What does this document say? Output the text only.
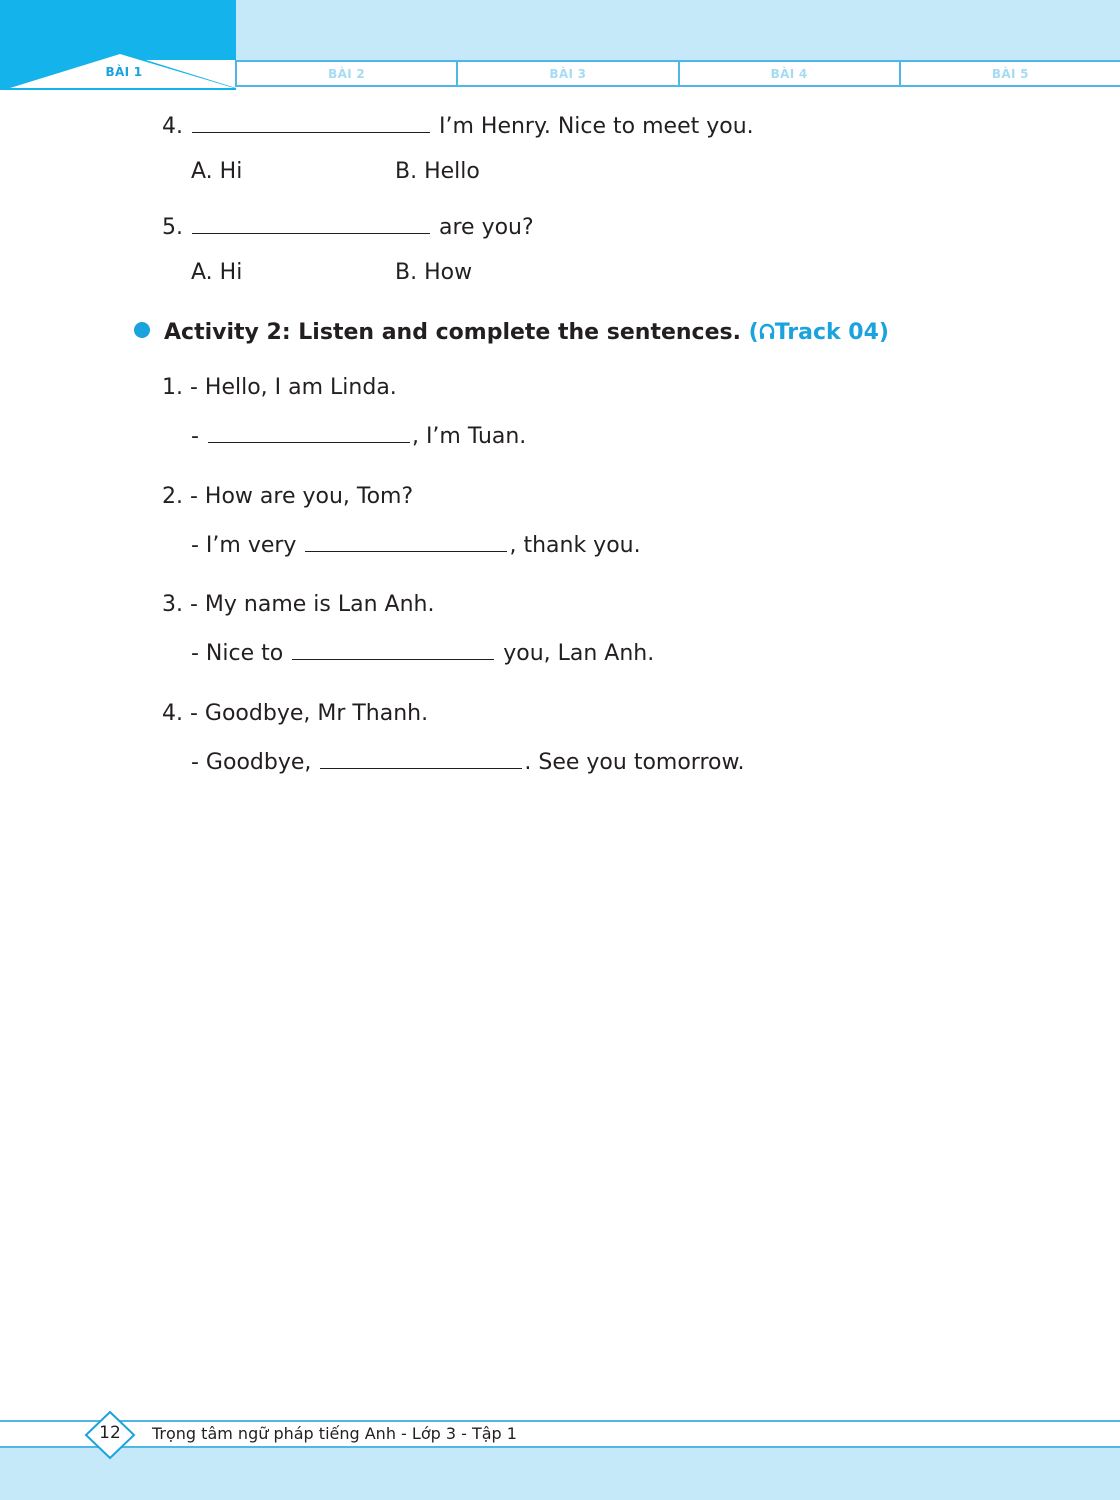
BÀI 2	BÀI 3	BÀI 4	BÀI 5
BÀI 1
4.	I’m Henry. Nice to meet you.
A. Hi	B. Hello
5.	are you?
A. Hi	B. How
Activity 2: Listen and complete the sentences. ( Track 04)
1. - Hello, I am Linda.
-	, I’m Tuan.
2. - How are you, Tom?
- I’m very	, thank you.
3. - My name is Lan Anh.
- Nice to	you, Lan Anh.
4. - Goodbye, Mr Thanh.
- Goodbye,	. See you tomorrow.
12	Trọng tâm ngữ pháp tiếng Anh - Lớp 3 - Tập 1
